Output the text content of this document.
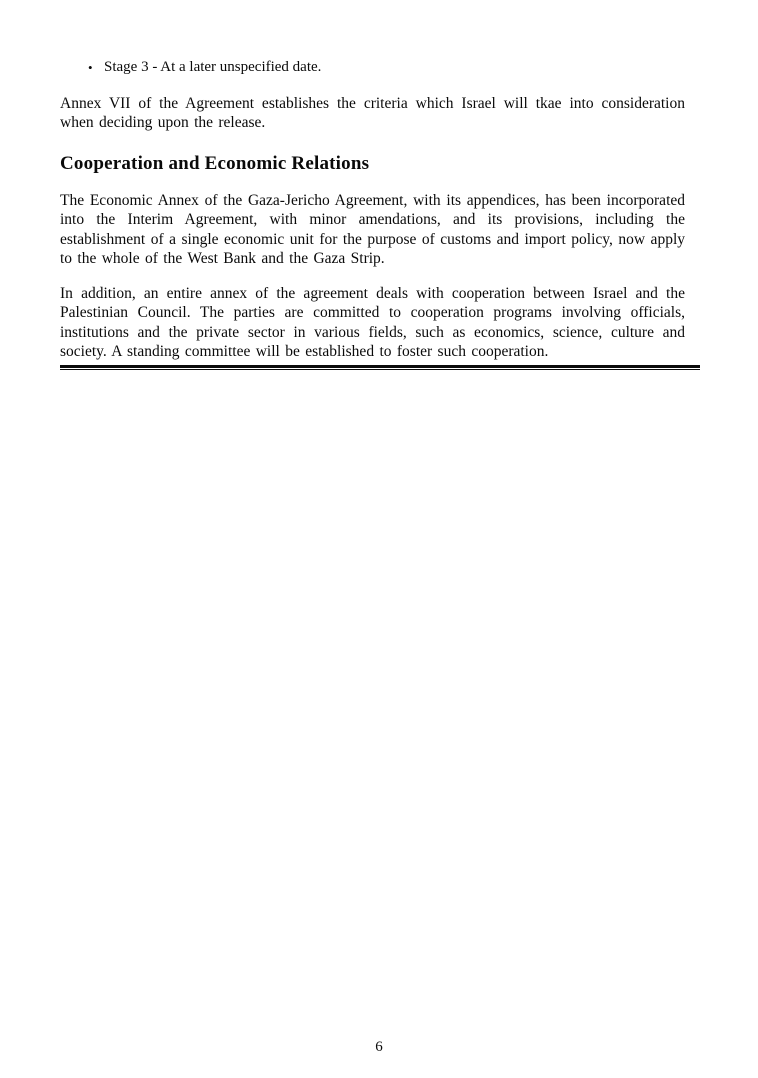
• Stage 3 - At a later unspecified date.

Annex VII of the Agreement establishes the criteria which Israel will tkae into consideration when deciding upon the release.

Cooperation and Economic Relations

The Economic Annex of the Gaza-Jericho Agreement, with its appendices, has been incorporated into the Interim Agreement, with minor amendations, and its provisions, including the establishment of a single economic unit for the purpose of customs and import policy, now apply to the whole of the West Bank and the Gaza Strip.

In addition, an entire annex of the agreement deals with cooperation between Israel and the Palestinian Council. The parties are committed to cooperation programs involving officials, institutions and the private sector in various fields, such as economics, science, culture and society. A standing committee will be established to foster such cooperation.

6
